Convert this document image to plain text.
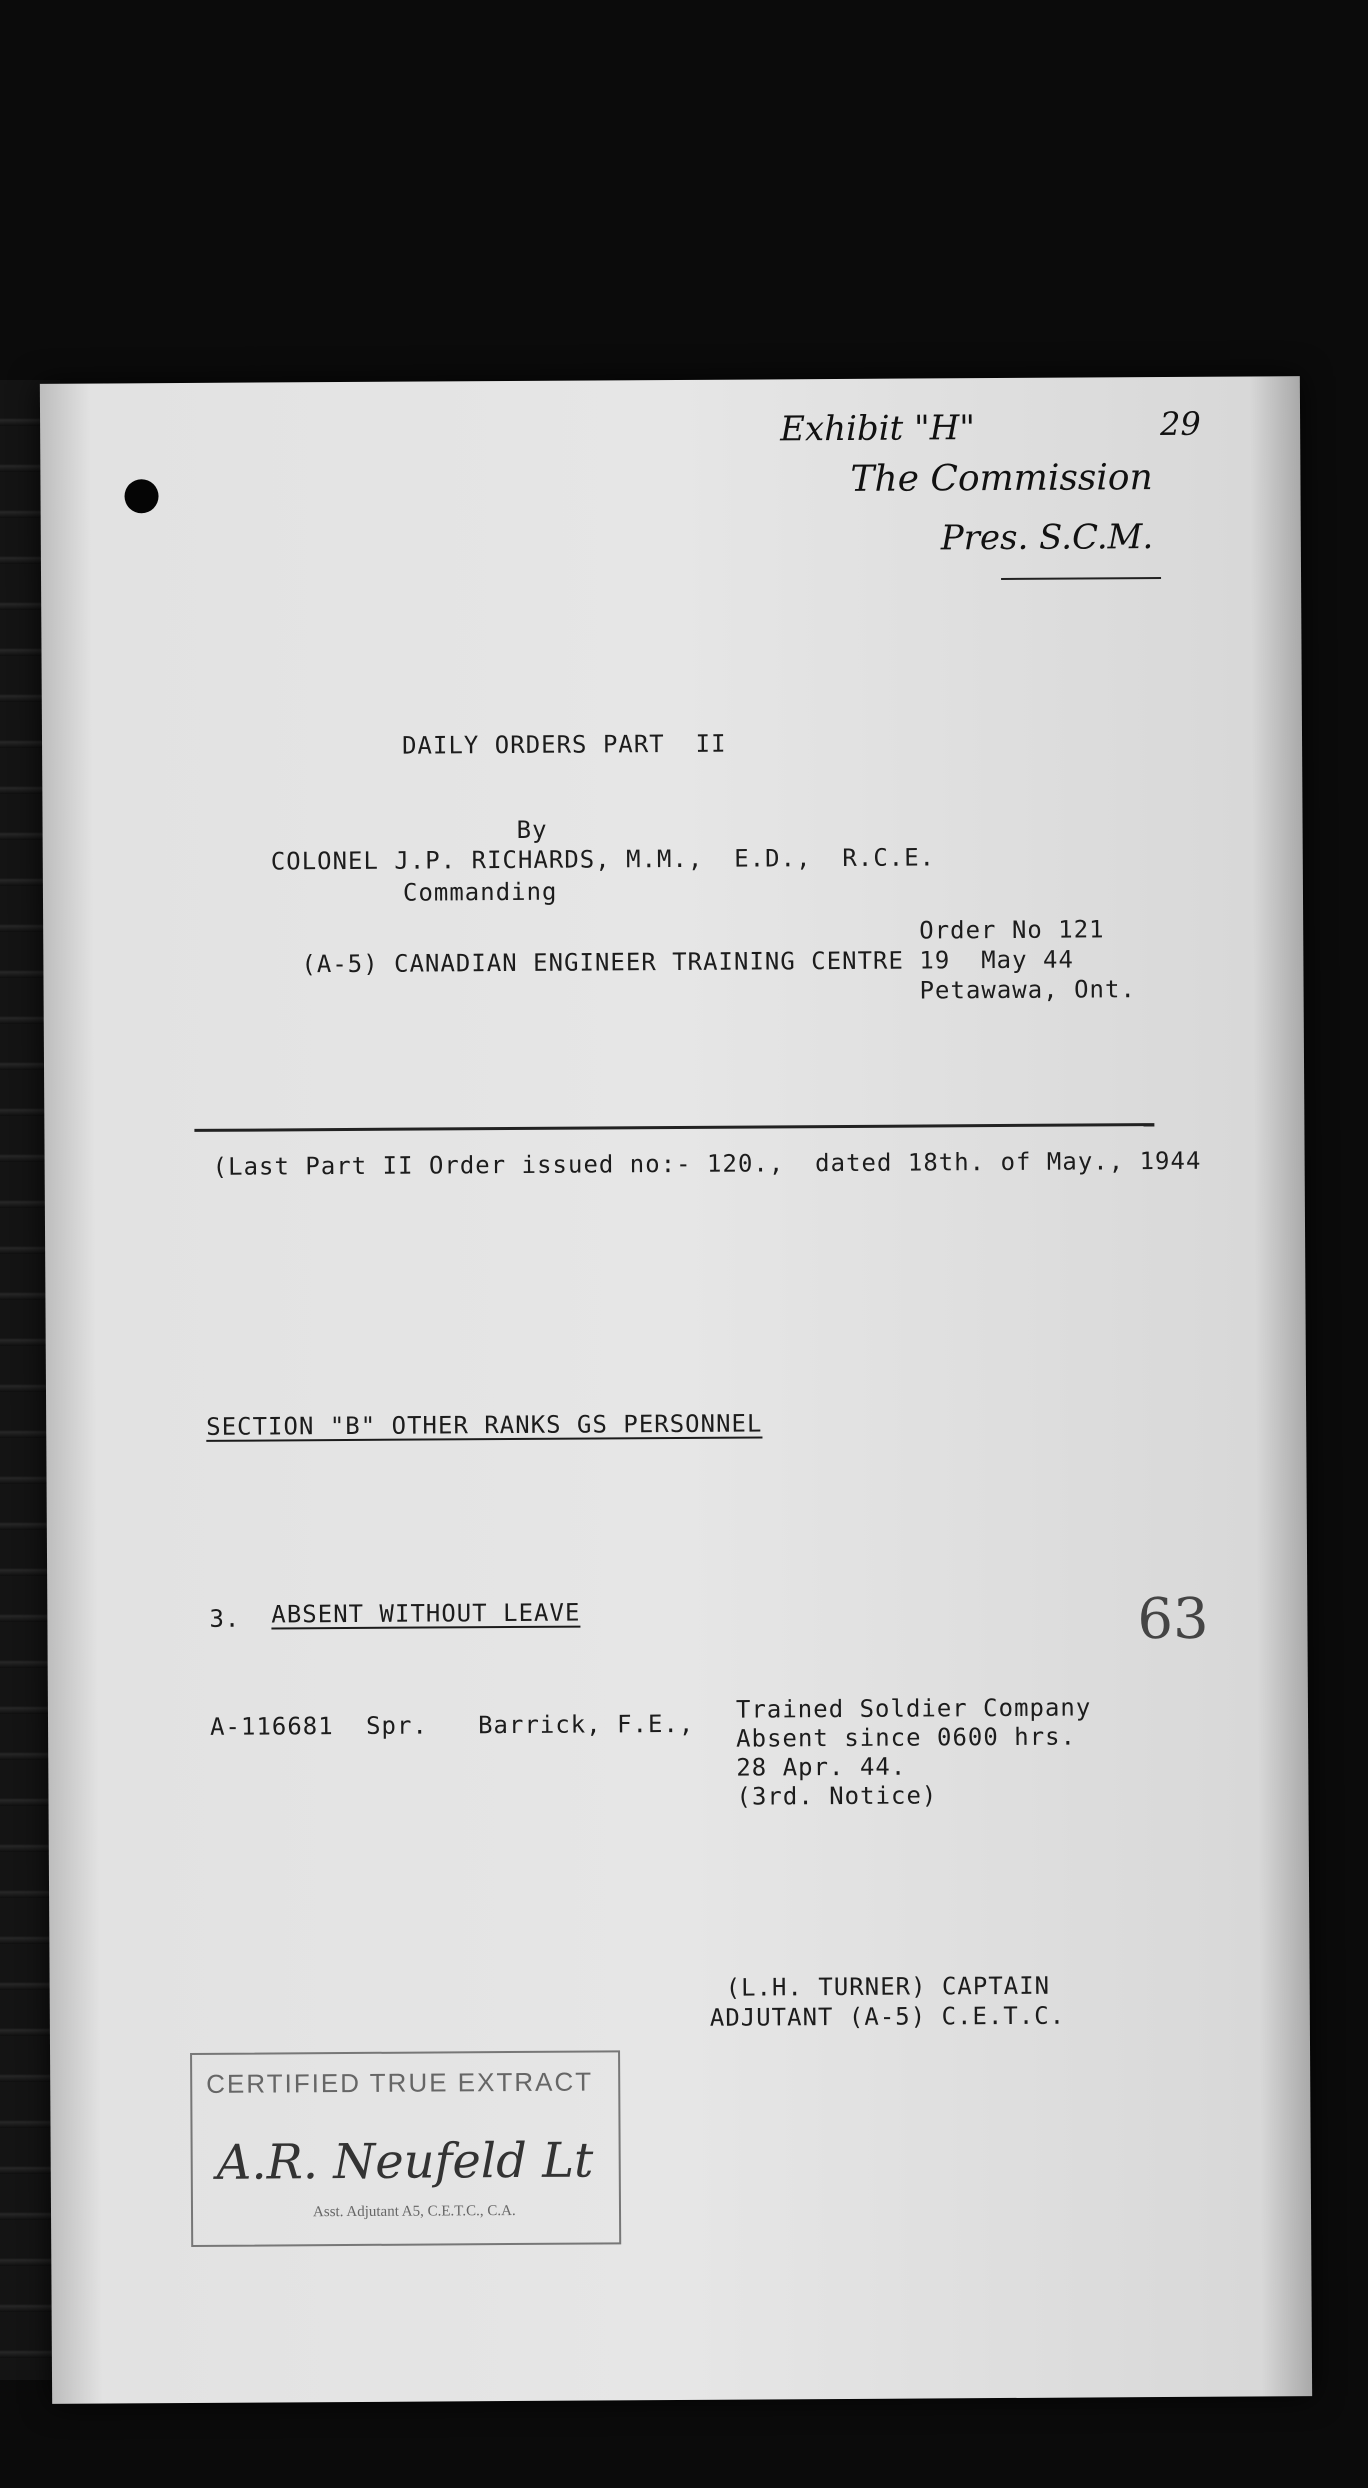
Exhibit "H"	29
The Commission
Pres. S.C.M.
DAILY ORDERS PART  II
By
COLONEL J.P. RICHARDS, M.M.,  E.D.,  R.C.E.
Commanding
Order No 121
(A-5) CANADIAN ENGINEER TRAINING CENTRE 19  May 44
Petawawa, Ont.
(Last Part II Order issued no:- 120.,  dated 18th. of May., 1944
SECTION "B" OTHER RANKS GS PERSONNEL
3. ABSENT WITHOUT LEAVE	63
A-116681 Spr. Barrick, F.E.,
Trained Soldier Company
Absent since 0600 hrs.
28 Apr. 44.
(3rd. Notice)
(L.H. TURNER) CAPTAIN
ADJUTANT (A-5) C.E.T.C.
CERTIFIED TRUE EXTRACT
A.R. Neufeld Lt
Asst. Adjutant A5, C.E.T.C., C.A.
